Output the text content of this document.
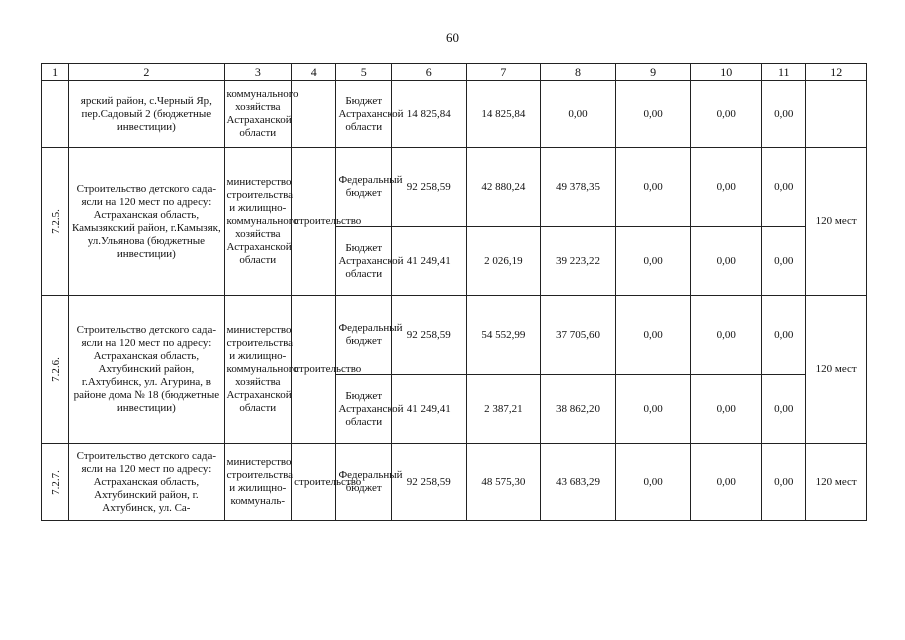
60
1	2	3	4	5	6	7	8	9	10	11	12
	ярский район, с.Черный Яр, пер.Садовый 2 (бюджетные инвестиции)	коммунального хозяйства Астраханской области		Бюджет Астраханской области	14 825,84	14 825,84	0,00	0,00	0,00	0,00	
7.2.5.	Строительство детского сада-ясли на 120 мест по адресу: Астраханская область, Камызякский район, г.Камызяк, ул.Ульянова (бюджетные инвестиции)	министерство строительства и жилищно-коммунального хозяйства Астраханской области	строительство	Федеральный бюджет	92 258,59	42 880,24	49 378,35	0,00	0,00	0,00	120 мест
				Бюджет Астраханской области	41 249,41	2 026,19	39 223,22	0,00	0,00	0,00	
7.2.6.	Строительство детского сада-ясли на 120 мест по адресу: Астраханская область, Ахтубинский район, г.Ахтубинск, ул. Агурина, в районе дома № 18 (бюджетные инвестиции)	министерство строительства и жилищно-коммунального хозяйства Астраханской области	строительство	Федеральный бюджет	92 258,59	54 552,99	37 705,60	0,00	0,00	0,00	120 мест
				Бюджет Астраханской области	41 249,41	2 387,21	38 862,20	0,00	0,00	0,00	
7.2.7.	Строительство детского сада-ясли на 120 мест по адресу: Астраханская область, Ахтубинский район, г. Ахтубинск, ул. Са-	министерство строительства и жилищно-коммуналь-	строительство	Федеральный бюджет	92 258,59	48 575,30	43 683,29	0,00	0,00	0,00	120 мест
